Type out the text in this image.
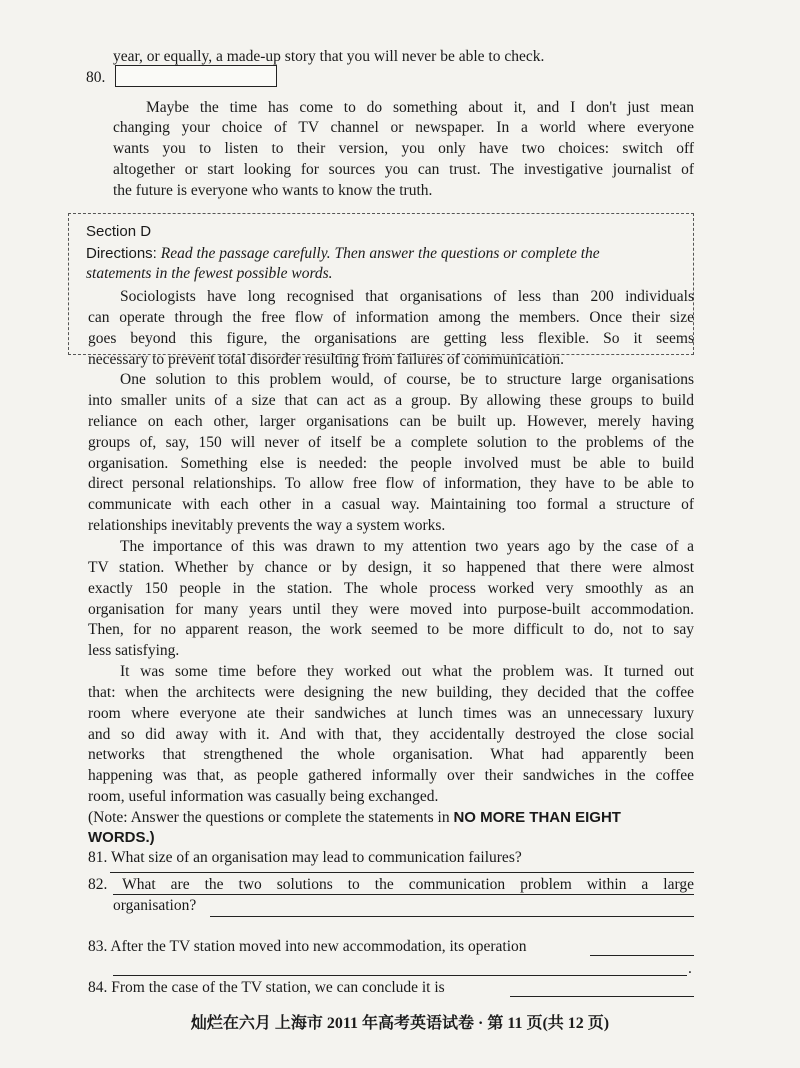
year, or equally, a made-up story that you will never be able to check.
80.
Maybe the time has come to do something about it, and I don't just mean
changing your choice of TV channel or newspaper. In a world where everyone
wants you to listen to their version, you only have two choices: switch off
altogether or start looking for sources you can trust. The investigative journalist of
the future is everyone who wants to know the truth.
Section D
Directions: Read the passage carefully. Then answer the questions or complete the
statements in the fewest possible words.
Sociologists have long recognised that organisations of less than 200 individuals
can operate through the free flow of information among the members. Once their size
goes beyond this figure, the organisations are getting less flexible. So it seems
necessary to prevent total disorder resulting from failures of communication.
One solution to this problem would, of course, be to structure large organisations
into smaller units of a size that can act as a group. By allowing these groups to build
reliance on each other, larger organisations can be built up. However, merely having
groups of, say, 150 will never of itself be a complete solution to the problems of the
organisation. Something else is needed: the people involved must be able to build
direct personal relationships. To allow free flow of information, they have to be able to
communicate with each other in a casual way. Maintaining too formal a structure of
relationships inevitably prevents the way a system works.
The importance of this was drawn to my attention two years ago by the case of a
TV station. Whether by chance or by design, it so happened that there were almost
exactly 150 people in the station. The whole process worked very smoothly as an
organisation for many years until they were moved into purpose-built accommodation.
Then, for no apparent reason, the work seemed to be more difficult to do, not to say
less satisfying.
It was some time before they worked out what the problem was. It turned out
that: when the architects were designing the new building, they decided that the coffee
room where everyone ate their sandwiches at lunch times was an unnecessary luxury
and so did away with it. And with that, they accidentally destroyed the close social
networks that strengthened the whole organisation. What had apparently been
happening was that, as people gathered informally over their sandwiches in the coffee
room, useful information was casually being exchanged.
(Note: Answer the questions or complete the statements in NO MORE THAN EIGHT
WORDS.)
81. What size of an organisation may lead to communication failures?
82. What are the two solutions to the communication problem within a large
organisation?
83. After the TV station moved into new accommodation, its operation
.
84. From the case of the TV station, we can conclude it is
灿烂在六月 上海市 2011 年高考英语试卷 · 第 11 页(共 12 页)
